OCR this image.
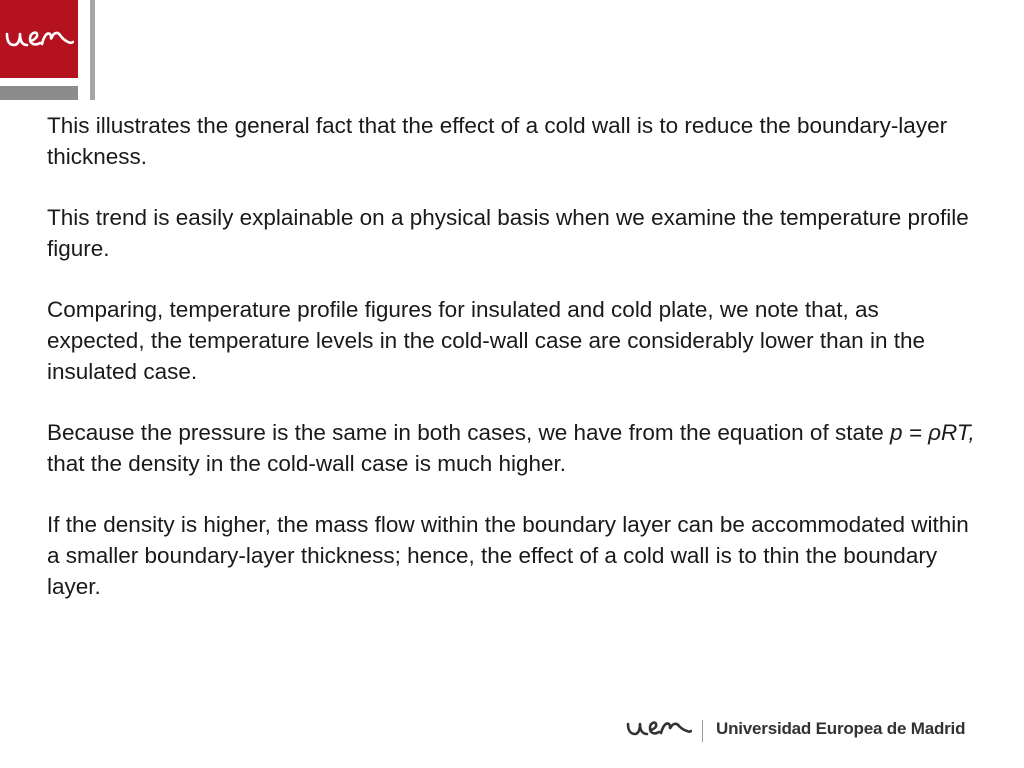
This illustrates the general fact that the effect of a cold wall is to reduce the boundary-layer thickness.

This trend is easily explainable on a physical basis when we examine the temperature profile figure.

Comparing, temperature profile figures for insulated and cold plate, we note that, as expected, the temperature levels in the cold-wall case are considerably lower than in the insulated case.

Because the pressure is the same in both cases, we have from the equation of state p = ρRT, that the density in the cold-wall case is much higher.

If the density is higher, the mass flow within the boundary layer can be accommodated within a smaller boundary-layer thickness; hence, the effect of a cold wall is to thin the boundary layer.

Universidad Europea de Madrid
